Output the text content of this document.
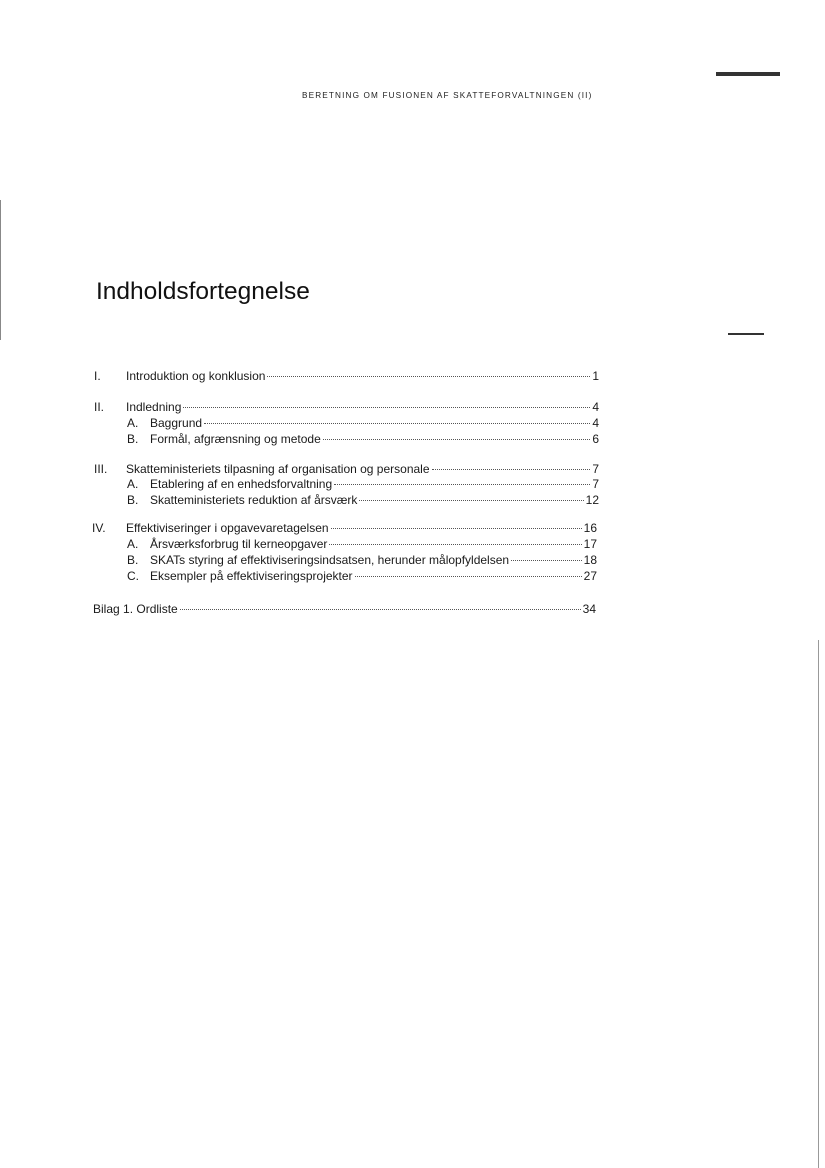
BERETNING OM FUSIONEN AF SKATTEFORVALTNINGEN (II)
Indholdsfortegnelse
I.	Introduktion og konklusion	1
II.	Indledning	4
A. Baggrund	4
B. Formål, afgrænsning og metode	6
III.	Skatteministeriets tilpasning af organisation og personale	7
A. Etablering af en enhedsforvaltning	7
B. Skatteministeriets reduktion af årsværk	12
IV.	Effektiviseringer i opgavevaretagelsen	16
A. Årsværksforbrug til kerneopgaver	17
B. SKATs styring af effektiviseringsindsatsen, herunder målopfyldelsen	18
C. Eksempler på effektiviseringsprojekter	27
Bilag 1. Ordliste	34
